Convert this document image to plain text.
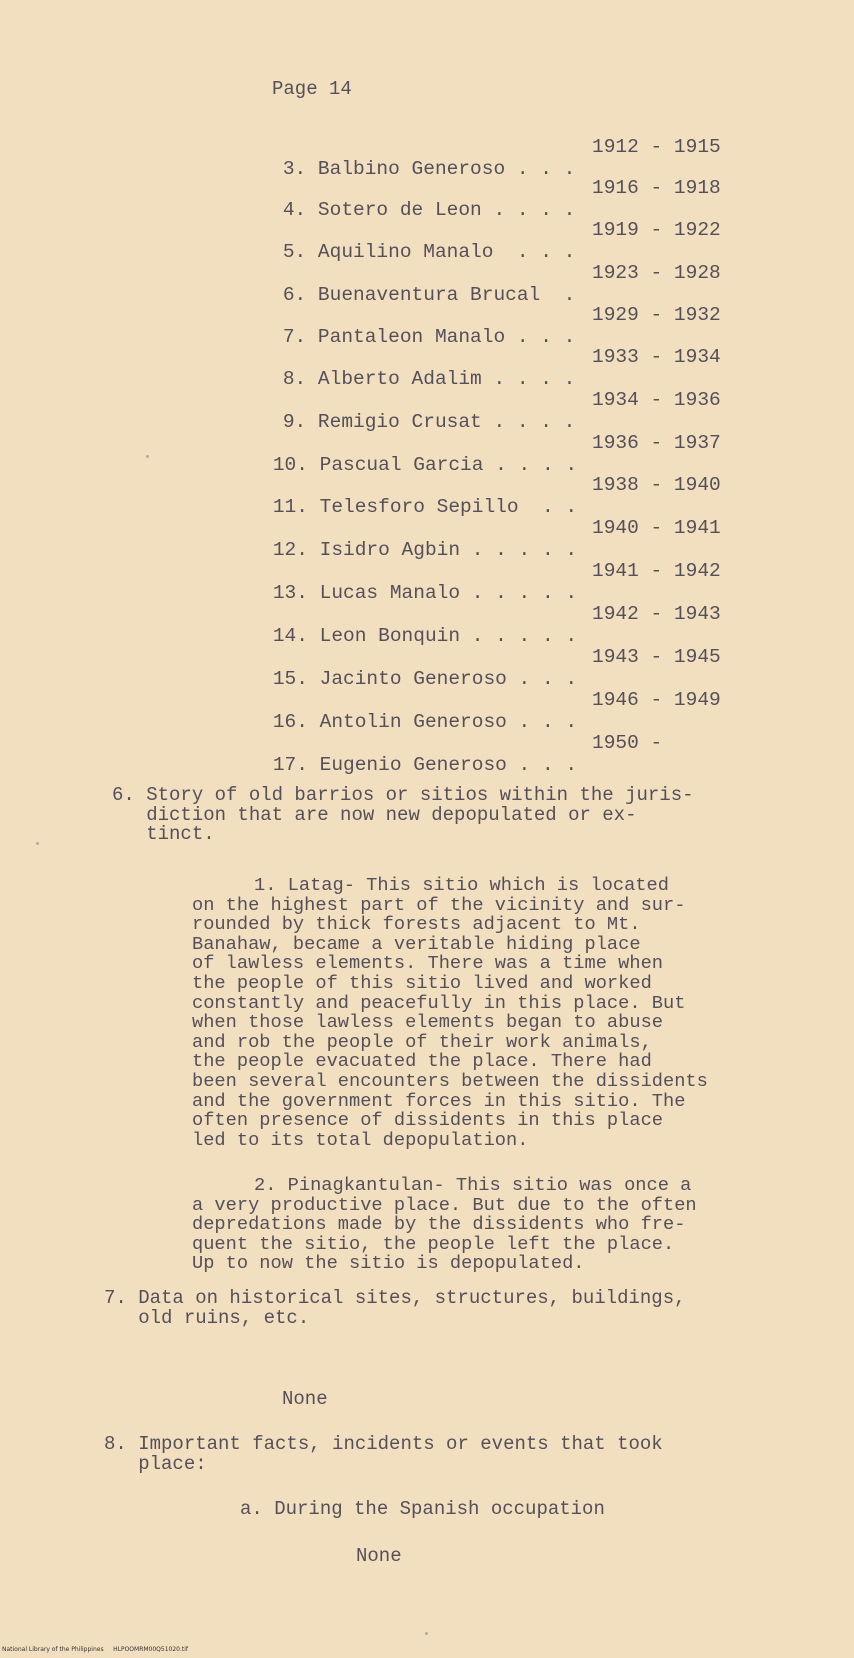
Page 14

3. Balbino Generoso . . .
1912 - 1915

4. Sotero de Leon . . . .
1916 - 1918

5. Aquilino Manalo  . . .
1919 - 1922

6. Buenaventura Brucal  .
1923 - 1928

7. Pantaleon Manalo . . .
1929 - 1932

8. Alberto Adalim . . . .
1933 - 1934

9. Remigio Crusat . . . .
1934 - 1936

10. Pascual Garcia . . . .
1936 - 1937

11. Telesforo Sepillo  . .
1938 - 1940

12. Isidro Agbin . . . . .
1940 - 1941

13. Lucas Manalo . . . . .
1941 - 1942

14. Leon Bonquin . . . . .
1942 - 1943

15. Jacinto Generoso . . .
1943 - 1945

16. Antolin Generoso . . .
1946 - 1949

17. Eugenio Generoso . . .
1950 -

6. Story of old barrios or sitios within the juris-
diction that are now new depopulated or ex-
tinct.
1. Latag- This sitio which is located
on the highest part of the vicinity and sur-
rounded by thick forests adjacent to Mt.
Banahaw, became a veritable hiding place
of lawless elements. There was a time when
the people of this sitio lived and worked
constantly and peacefully in this place. But
when those lawless elements began to abuse
and rob the people of their work animals,
the people evacuated the place. There had
been several encounters between the dissidents
and the government forces in this sitio. The
often presence of dissidents in this place
led to its total depopulation.
2. Pinagkantulan- This sitio was once a
a very productive place. But due to the often
depredations made by the dissidents who fre-
quent the sitio, the people left the place.
Up to now the sitio is depopulated.
7. Data on historical sites, structures, buildings,
old ruins, etc.
None
8. Important facts, incidents or events that took
place:
a. During the Spanish occupation
None
National Library of the Philippines     HLPOOMRM00Q51020.tif
